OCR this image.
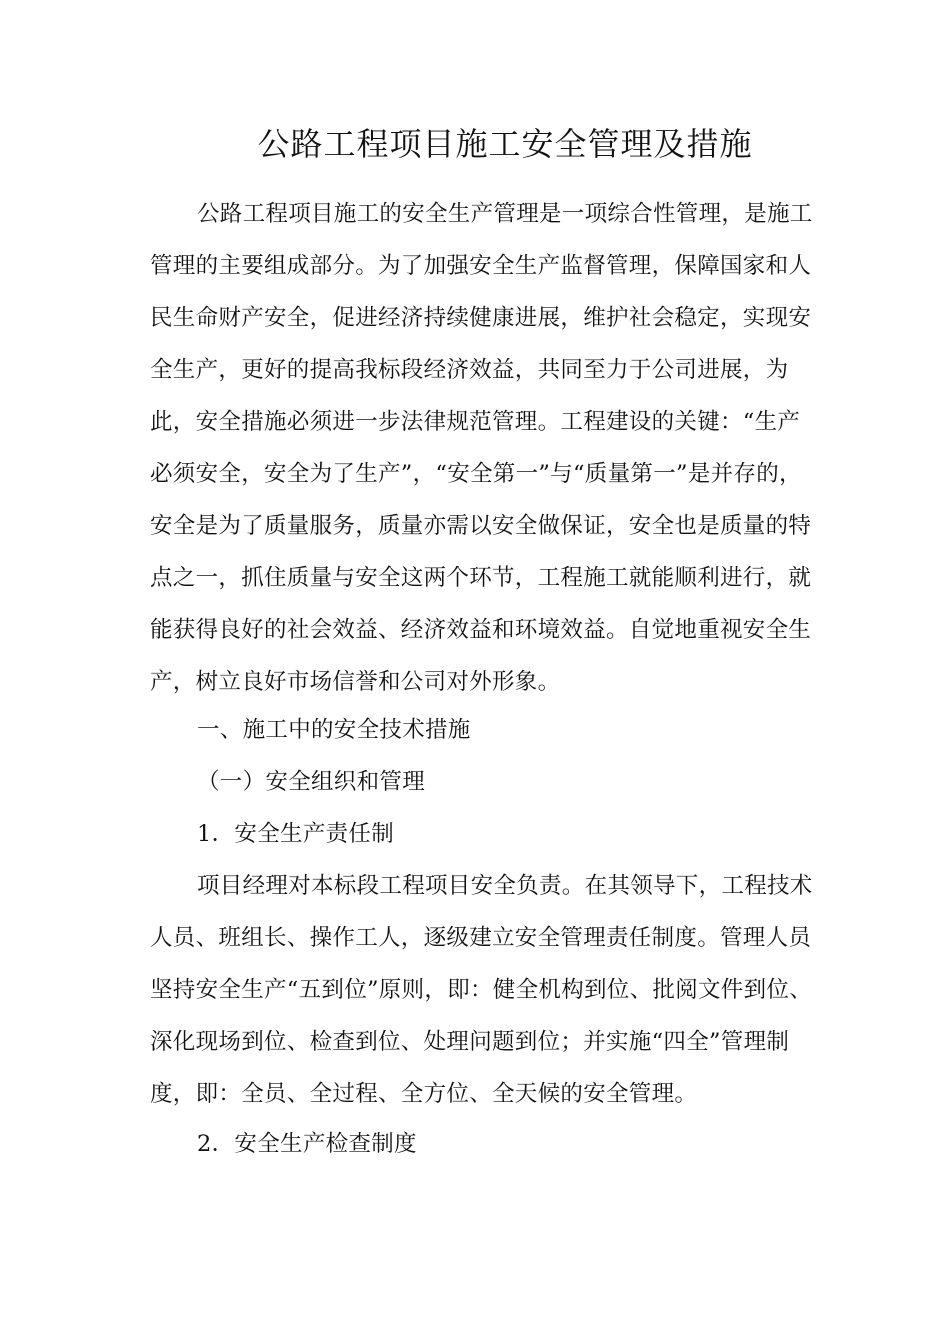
公路工程项目施工安全管理及措施
公路工程项目施工的安全生产管理是一项综合性管理，是施工
管理的主要组成部分。为了加强安全生产监督管理，保障国家和人
民生命财产安全，促进经济持续健康进展，维护社会稳定，实现安
全生产，更好的提高我标段经济效益，共同至力于公司进展，为
此，安全措施必须进一步法律规范管理。工程建设的关键：“生产
必须安全，安全为了生产”，“安全第一”与“质量第一”是并存的，
安全是为了质量服务，质量亦需以安全做保证，安全也是质量的特
点之一，抓住质量与安全这两个环节，工程施工就能顺利进行，就
能获得良好的社会效益、经济效益和环境效益。自觉地重视安全生
产，树立良好市场信誉和公司对外形象。
一、施工中的安全技术措施
（一）安全组织和管理
1．安全生产责任制
项目经理对本标段工程项目安全负责。在其领导下，工程技术
人员、班组长、操作工人，逐级建立安全管理责任制度。管理人员
坚持安全生产“五到位”原则，即：健全机构到位、批阅文件到位、
深化现场到位、检查到位、处理问题到位；并实施“四全”管理制
度，即：全员、全过程、全方位、全天候的安全管理。
2．安全生产检查制度
